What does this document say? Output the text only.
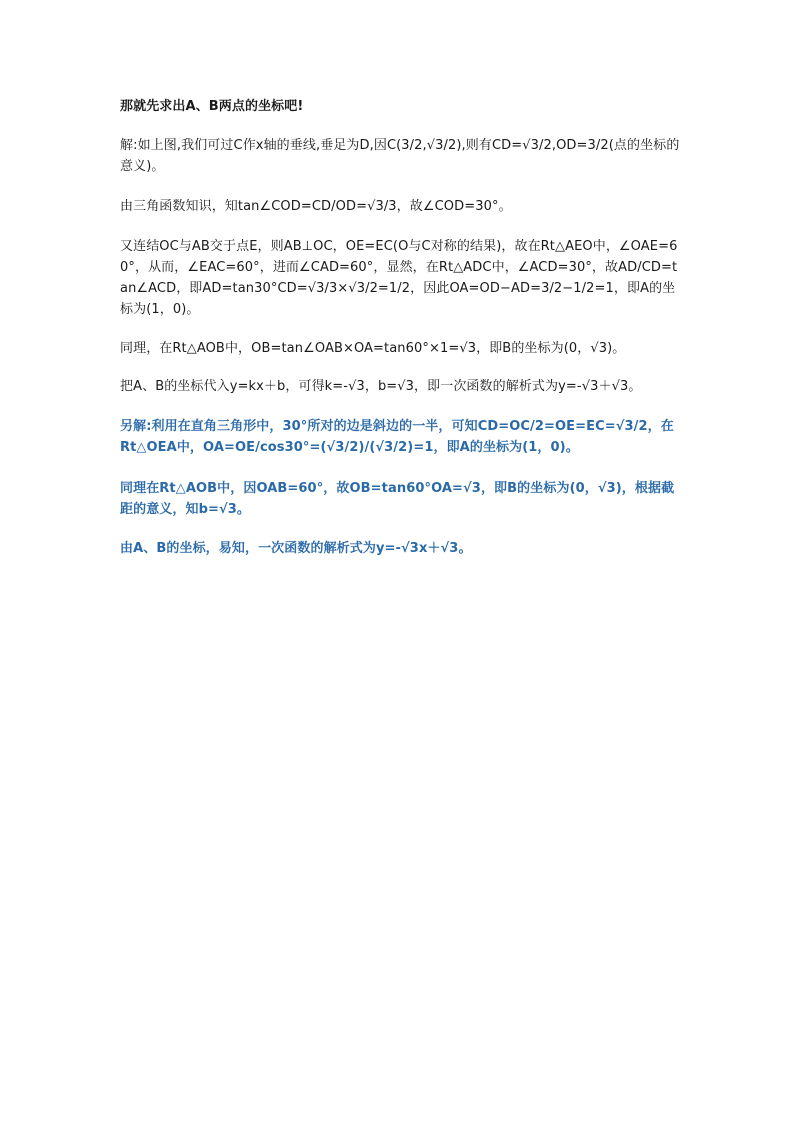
那就先求出A、B两点的坐标吧!

解:如上图,我们可过C作x轴的垂线,垂足为D,因C(3/2,√3/2),则有CD=√3/2,OD=3/2(点的坐标的意义)。

由三角函数知识，知tan∠COD=CD/OD=√3/3，故∠COD=30°。

又连结OC与AB交于点E，则AB⊥OC，OE=EC(O与C对称的结果)，故在Rt△AEO中，∠OAE=60°，从而，∠EAC=60°，进而∠CAD=60°，显然，在Rt△ADC中，∠ACD=30°，故AD/CD=tan∠ACD，即AD=tan30°CD=√3/3×√3/2=1/2，因此OA=OD−AD=3/2−1/2=1，即A的坐标为(1，0)。

同理，在Rt△AOB中，OB=tan∠OAB×OA=tan60°×1=√3，即B的坐标为(0，√3)。

把A、B的坐标代入y=kx＋b，可得k=-√3，b=√3，即一次函数的解析式为y=-√3＋√3。

另解:利用在直角三角形中，30°所对的边是斜边的一半，可知CD=OC/2=OE=EC=√3/2，在Rt△OEA中，OA=OE/cos30°=(√3/2)/(√3/2)=1，即A的坐标为(1，0)。

同理在Rt△AOB中，因OAB=60°，故OB=tan60°OA=√3，即B的坐标为(0，√3)，根据截距的意义，知b=√3。

由A、B的坐标，易知，一次函数的解析式为y=-√3x＋√3。
